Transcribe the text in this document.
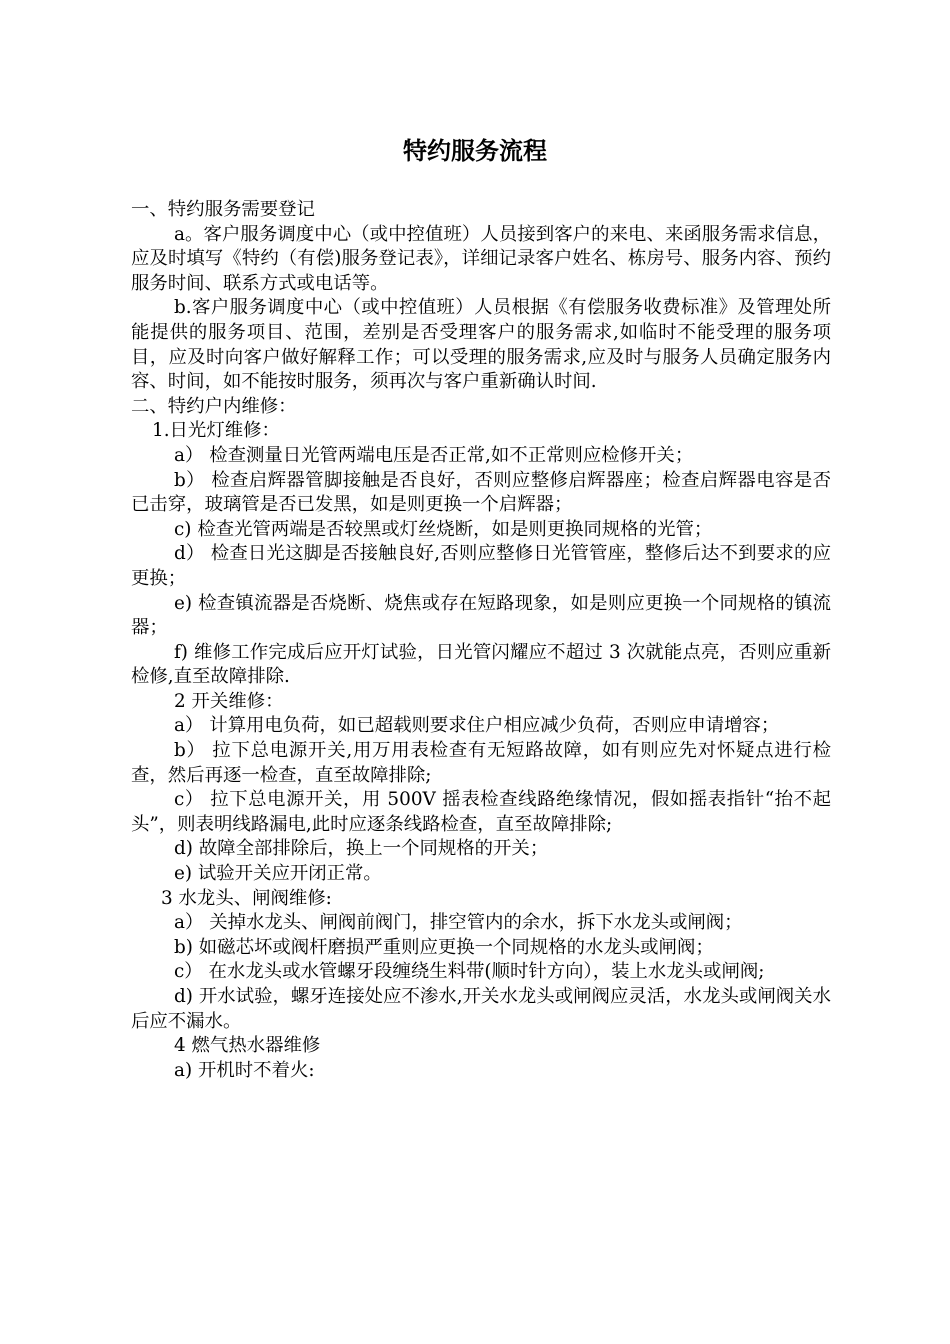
特约服务流程

一、特约服务需要登记

a。客户服务调度中心（或中控值班）人员接到客户的来电、来函服务需求信息，应及时填写《特约（有偿)服务登记表》，详细记录客户姓名、栋房号、服务内容、预约服务时间、联系方式或电话等。

b.客户服务调度中心（或中控值班）人员根据《有偿服务收费标准》及管理处所能提供的服务项目、范围，差别是否受理客户的服务需求,如临时不能受理的服务项目，应及时向客户做好解释工作；可以受理的服务需求,应及时与服务人员确定服务内容、时间，如不能按时服务，须再次与客户重新确认时间.

二、特约户内维修：

1.日光灯维修：

a） 检查测量日光管两端电压是否正常,如不正常则应检修开关；

b） 检查启辉器管脚接触是否良好，否则应整修启辉器座；检查启辉器电容是否已击穿，玻璃管是否已发黑，如是则更换一个启辉器；

c) 检查光管两端是否较黑或灯丝烧断，如是则更换同规格的光管；

d） 检查日光这脚是否接触良好,否则应整修日光管管座，整修后达不到要求的应更换；

e) 检查镇流器是否烧断、烧焦或存在短路现象，如是则应更换一个同规格的镇流器；

f) 维修工作完成后应开灯试验，日光管闪耀应不超过 3 次就能点亮，否则应重新检修,直至故障排除.

2 开关维修：

a） 计算用电负荷，如已超载则要求住户相应减少负荷，否则应申请增容；

b） 拉下总电源开关,用万用表检查有无短路故障，如有则应先对怀疑点进行检查，然后再逐一检查，直至故障排除;

c） 拉下总电源开关，用 500V 摇表检查线路绝缘情况，假如摇表指针“抬不起头”，则表明线路漏电,此时应逐条线路检查，直至故障排除;

d) 故障全部排除后，换上一个同规格的开关；

e) 试验开关应开闭正常。

3 水龙头、闸阀维修:

a） 关掉水龙头、闸阀前阀门，排空管内的余水，拆下水龙头或闸阀；

b) 如磁芯坏或阀杆磨损严重则应更换一个同规格的水龙头或闸阀；

c） 在水龙头或水管螺牙段缠绕生料带(顺时针方向），装上水龙头或闸阀;

d) 开水试验，螺牙连接处应不渗水,开关水龙头或闸阀应灵活，水龙头或闸阀关水后应不漏水。

4 燃气热水器维修

a) 开机时不着火:
